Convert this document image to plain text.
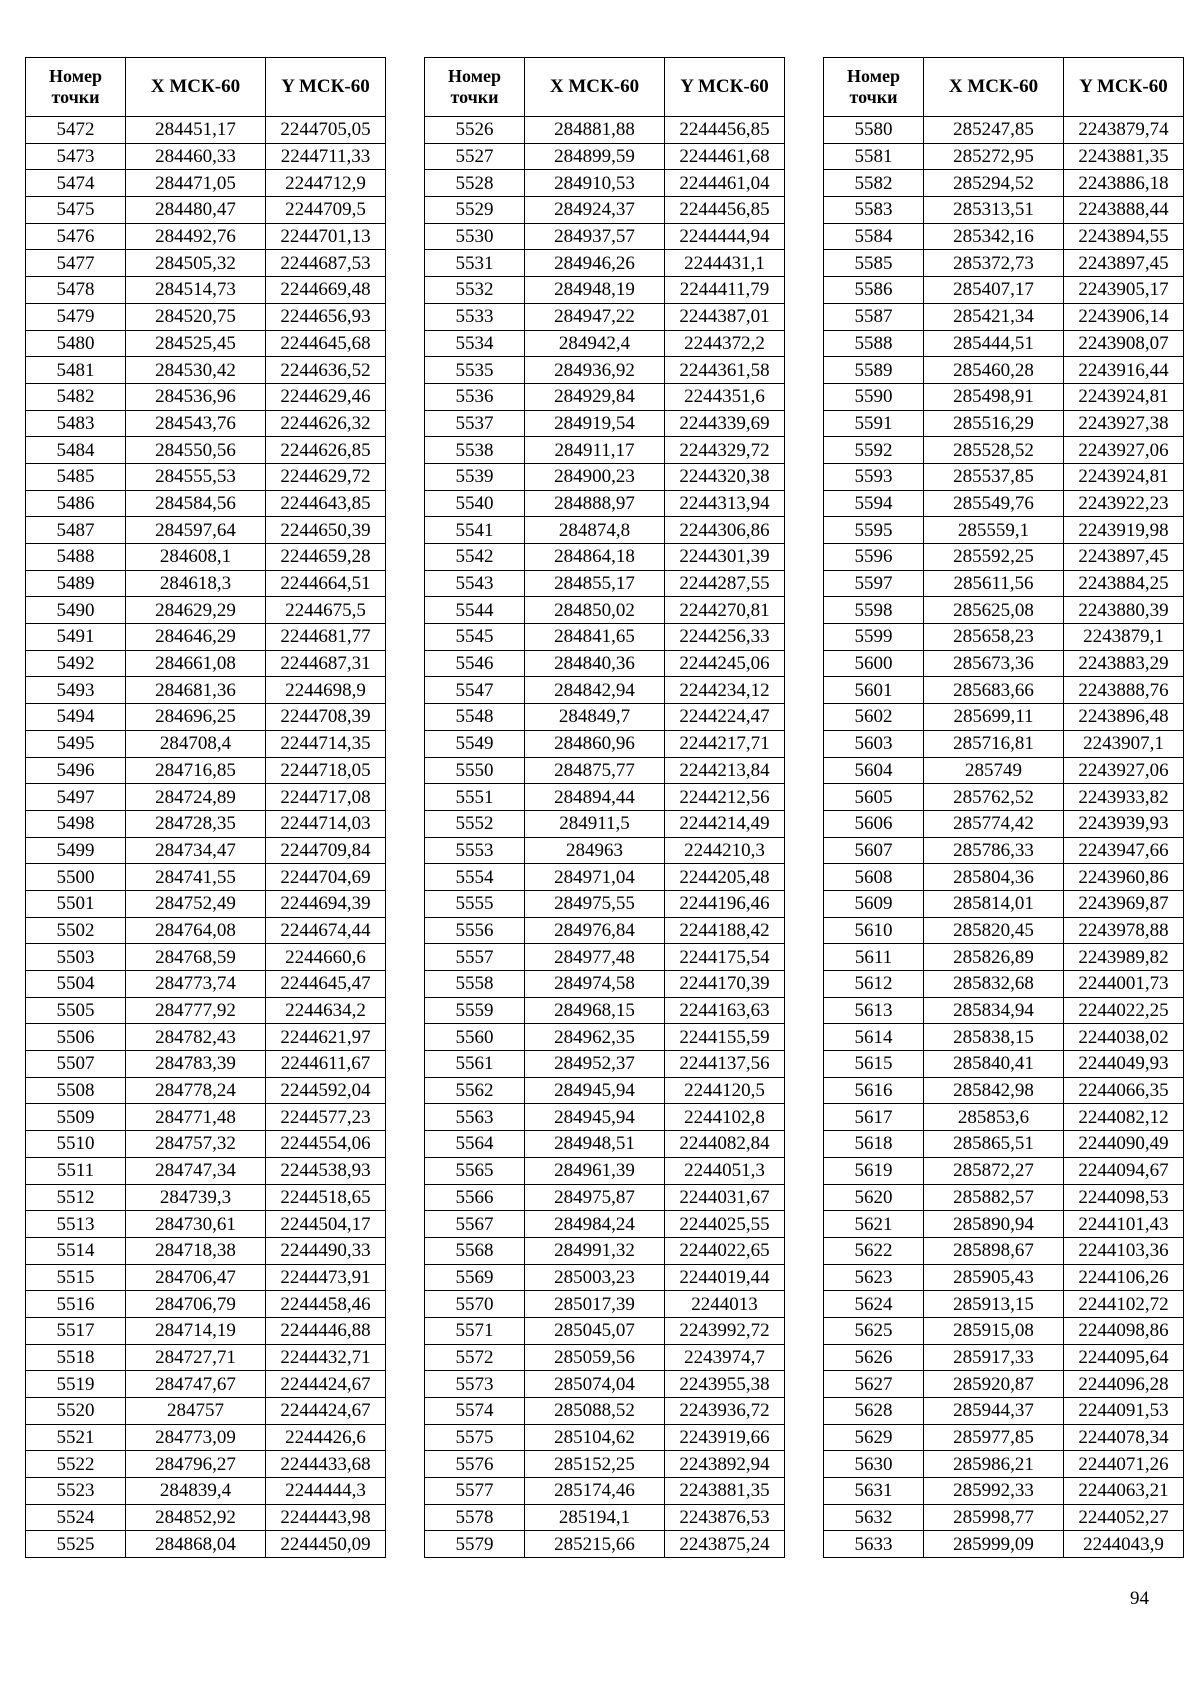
Номер
точки	X МСК-60	Y МСК-60
5472	284451,17	2244705,05
5473	284460,33	2244711,33
5474	284471,05	2244712,9
5475	284480,47	2244709,5
5476	284492,76	2244701,13
5477	284505,32	2244687,53
5478	284514,73	2244669,48
5479	284520,75	2244656,93
5480	284525,45	2244645,68
5481	284530,42	2244636,52
5482	284536,96	2244629,46
5483	284543,76	2244626,32
5484	284550,56	2244626,85
5485	284555,53	2244629,72
5486	284584,56	2244643,85
5487	284597,64	2244650,39
5488	284608,1	2244659,28
5489	284618,3	2244664,51
5490	284629,29	2244675,5
5491	284646,29	2244681,77
5492	284661,08	2244687,31
5493	284681,36	2244698,9
5494	284696,25	2244708,39
5495	284708,4	2244714,35
5496	284716,85	2244718,05
5497	284724,89	2244717,08
5498	284728,35	2244714,03
5499	284734,47	2244709,84
5500	284741,55	2244704,69
5501	284752,49	2244694,39
5502	284764,08	2244674,44
5503	284768,59	2244660,6
5504	284773,74	2244645,47
5505	284777,92	2244634,2
5506	284782,43	2244621,97
5507	284783,39	2244611,67
5508	284778,24	2244592,04
5509	284771,48	2244577,23
5510	284757,32	2244554,06
5511	284747,34	2244538,93
5512	284739,3	2244518,65
5513	284730,61	2244504,17
5514	284718,38	2244490,33
5515	284706,47	2244473,91
5516	284706,79	2244458,46
5517	284714,19	2244446,88
5518	284727,71	2244432,71
5519	284747,67	2244424,67
5520	284757	2244424,67
5521	284773,09	2244426,6
5522	284796,27	2244433,68
5523	284839,4	2244444,3
5524	284852,92	2244443,98
5525	284868,04	2244450,09
Номер
точки	X МСК-60	Y МСК-60
5526	284881,88	2244456,85
5527	284899,59	2244461,68
5528	284910,53	2244461,04
5529	284924,37	2244456,85
5530	284937,57	2244444,94
5531	284946,26	2244431,1
5532	284948,19	2244411,79
5533	284947,22	2244387,01
5534	284942,4	2244372,2
5535	284936,92	2244361,58
5536	284929,84	2244351,6
5537	284919,54	2244339,69
5538	284911,17	2244329,72
5539	284900,23	2244320,38
5540	284888,97	2244313,94
5541	284874,8	2244306,86
5542	284864,18	2244301,39
5543	284855,17	2244287,55
5544	284850,02	2244270,81
5545	284841,65	2244256,33
5546	284840,36	2244245,06
5547	284842,94	2244234,12
5548	284849,7	2244224,47
5549	284860,96	2244217,71
5550	284875,77	2244213,84
5551	284894,44	2244212,56
5552	284911,5	2244214,49
5553	284963	2244210,3
5554	284971,04	2244205,48
5555	284975,55	2244196,46
5556	284976,84	2244188,42
5557	284977,48	2244175,54
5558	284974,58	2244170,39
5559	284968,15	2244163,63
5560	284962,35	2244155,59
5561	284952,37	2244137,56
5562	284945,94	2244120,5
5563	284945,94	2244102,8
5564	284948,51	2244082,84
5565	284961,39	2244051,3
5566	284975,87	2244031,67
5567	284984,24	2244025,55
5568	284991,32	2244022,65
5569	285003,23	2244019,44
5570	285017,39	2244013
5571	285045,07	2243992,72
5572	285059,56	2243974,7
5573	285074,04	2243955,38
5574	285088,52	2243936,72
5575	285104,62	2243919,66
5576	285152,25	2243892,94
5577	285174,46	2243881,35
5578	285194,1	2243876,53
5579	285215,66	2243875,24
Номер
точки	X МСК-60	Y МСК-60
5580	285247,85	2243879,74
5581	285272,95	2243881,35
5582	285294,52	2243886,18
5583	285313,51	2243888,44
5584	285342,16	2243894,55
5585	285372,73	2243897,45
5586	285407,17	2243905,17
5587	285421,34	2243906,14
5588	285444,51	2243908,07
5589	285460,28	2243916,44
5590	285498,91	2243924,81
5591	285516,29	2243927,38
5592	285528,52	2243927,06
5593	285537,85	2243924,81
5594	285549,76	2243922,23
5595	285559,1	2243919,98
5596	285592,25	2243897,45
5597	285611,56	2243884,25
5598	285625,08	2243880,39
5599	285658,23	2243879,1
5600	285673,36	2243883,29
5601	285683,66	2243888,76
5602	285699,11	2243896,48
5603	285716,81	2243907,1
5604	285749	2243927,06
5605	285762,52	2243933,82
5606	285774,42	2243939,93
5607	285786,33	2243947,66
5608	285804,36	2243960,86
5609	285814,01	2243969,87
5610	285820,45	2243978,88
5611	285826,89	2243989,82
5612	285832,68	2244001,73
5613	285834,94	2244022,25
5614	285838,15	2244038,02
5615	285840,41	2244049,93
5616	285842,98	2244066,35
5617	285853,6	2244082,12
5618	285865,51	2244090,49
5619	285872,27	2244094,67
5620	285882,57	2244098,53
5621	285890,94	2244101,43
5622	285898,67	2244103,36
5623	285905,43	2244106,26
5624	285913,15	2244102,72
5625	285915,08	2244098,86
5626	285917,33	2244095,64
5627	285920,87	2244096,28
5628	285944,37	2244091,53
5629	285977,85	2244078,34
5630	285986,21	2244071,26
5631	285992,33	2244063,21
5632	285998,77	2244052,27
5633	285999,09	2244043,9
94
